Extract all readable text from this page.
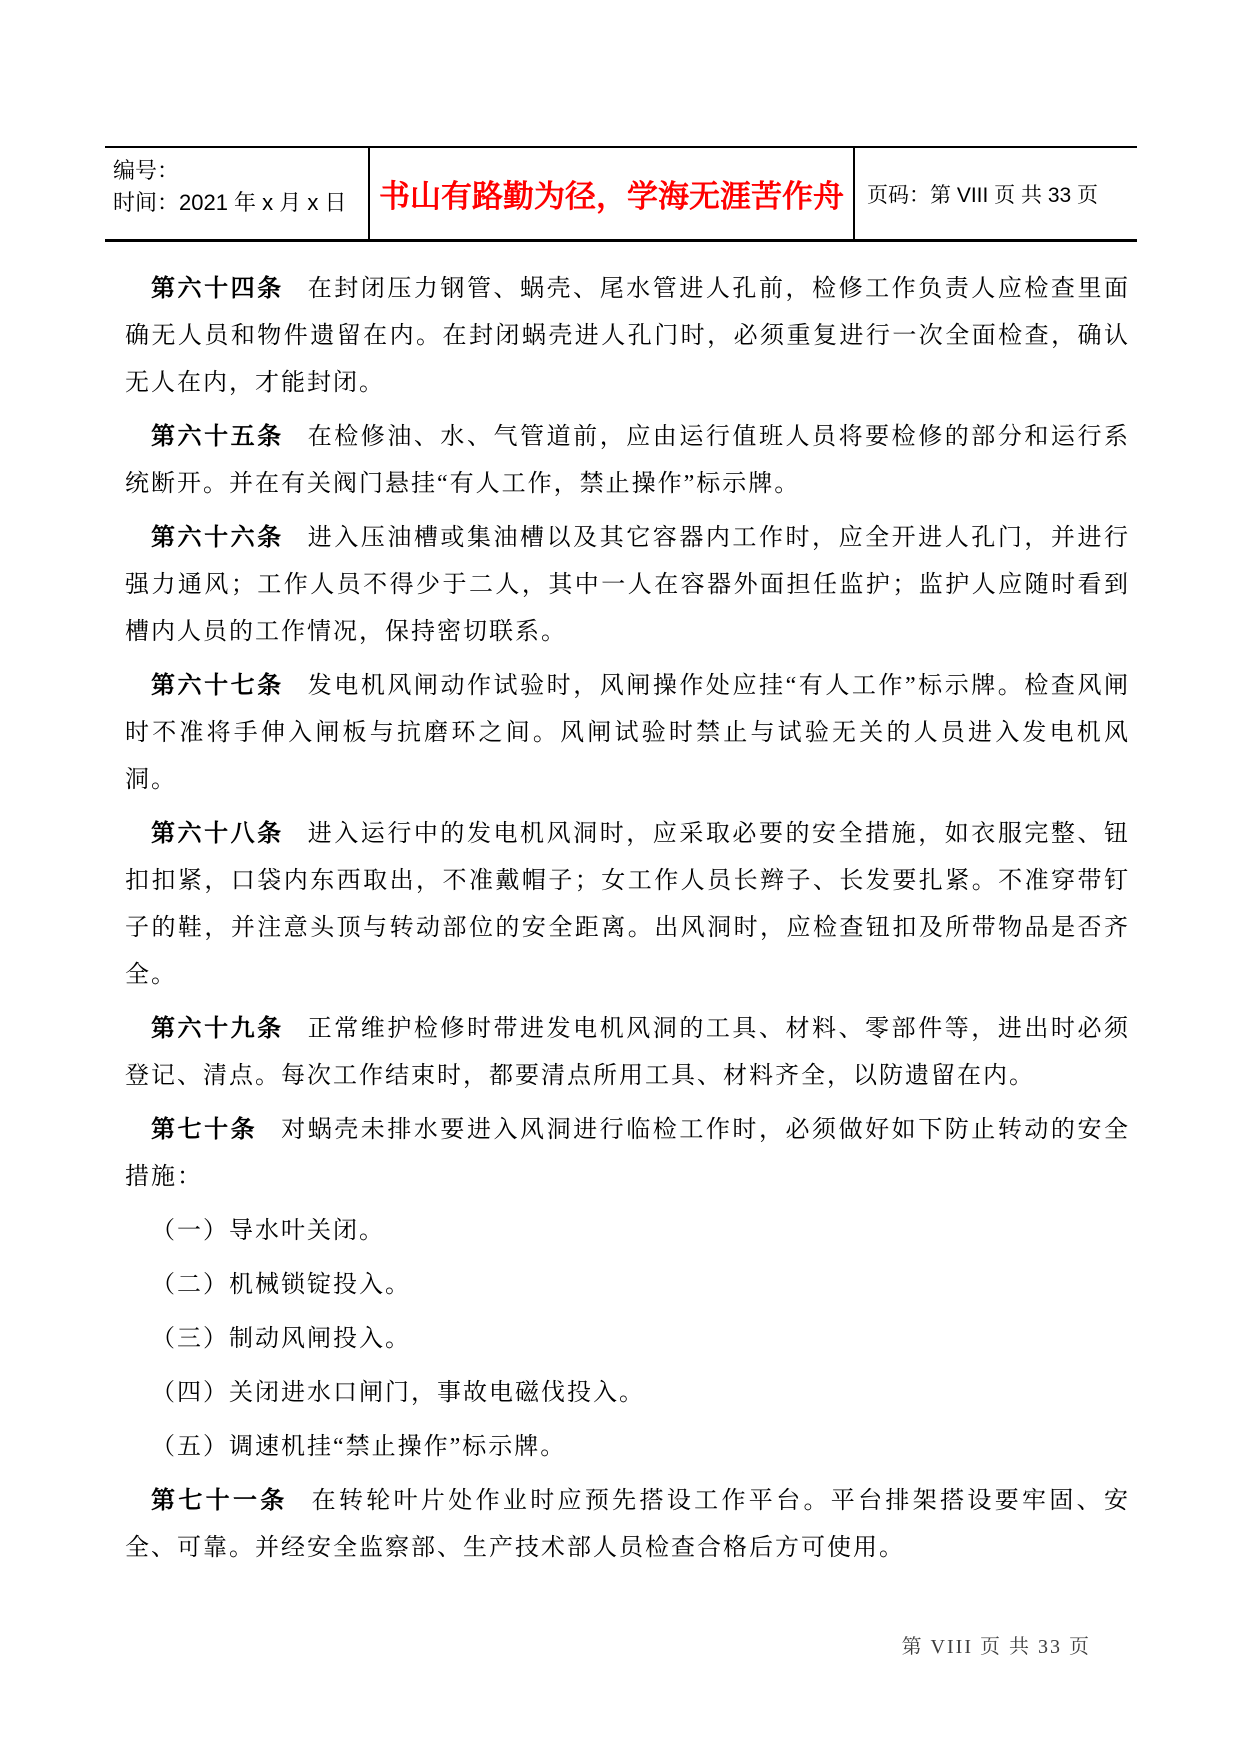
编号：
时间：2021 年 x 月 x 日	书山有路勤为径，学海无涯苦作舟 页码：第 VIII 页 共 33 页

第六十四条 在封闭压力钢管、蜗壳、尾水管进人孔前，检修工作负责人应检查里面确无人员和物件遗留在内。在封闭蜗壳进人孔门时，必须重复进行一次全面检查，确认无人在内，才能封闭。

第六十五条 在检修油、水、气管道前，应由运行值班人员将要检修的部分和运行系统断开。并在有关阀门悬挂“有人工作，禁止操作”标示牌。

第六十六条 进入压油槽或集油槽以及其它容器内工作时，应全开进人孔门，并进行强力通风；工作人员不得少于二人，其中一人在容器外面担任监护；监护人应随时看到槽内人员的工作情况，保持密切联系。

第六十七条 发电机风闸动作试验时，风闸操作处应挂“有人工作”标示牌。检查风闸时不准将手伸入闸板与抗磨环之间。风闸试验时禁止与试验无关的人员进入发电机风洞。

第六十八条 进入运行中的发电机风洞时，应采取必要的安全措施，如衣服完整、钮扣扣紧，口袋内东西取出，不准戴帽子；女工作人员长辫子、长发要扎紧。不准穿带钉子的鞋，并注意头顶与转动部位的安全距离。出风洞时，应检查钮扣及所带物品是否齐全。

第六十九条 正常维护检修时带进发电机风洞的工具、材料、零部件等，进出时必须登记、清点。每次工作结束时，都要清点所用工具、材料齐全，以防遗留在内。

第七十条 对蜗壳未排水要进入风洞进行临检工作时，必须做好如下防止转动的安全措施：

（一）导水叶关闭。

（二）机械锁锭投入。

（三）制动风闸投入。

（四）关闭进水口闸门，事故电磁伐投入。

（五）调速机挂“禁止操作”标示牌。

第七十一条 在转轮叶片处作业时应预先搭设工作平台。平台排架搭设要牢固、安全、可靠。并经安全监察部、生产技术部人员检查合格后方可使用。

第 VIII 页 共 33 页
